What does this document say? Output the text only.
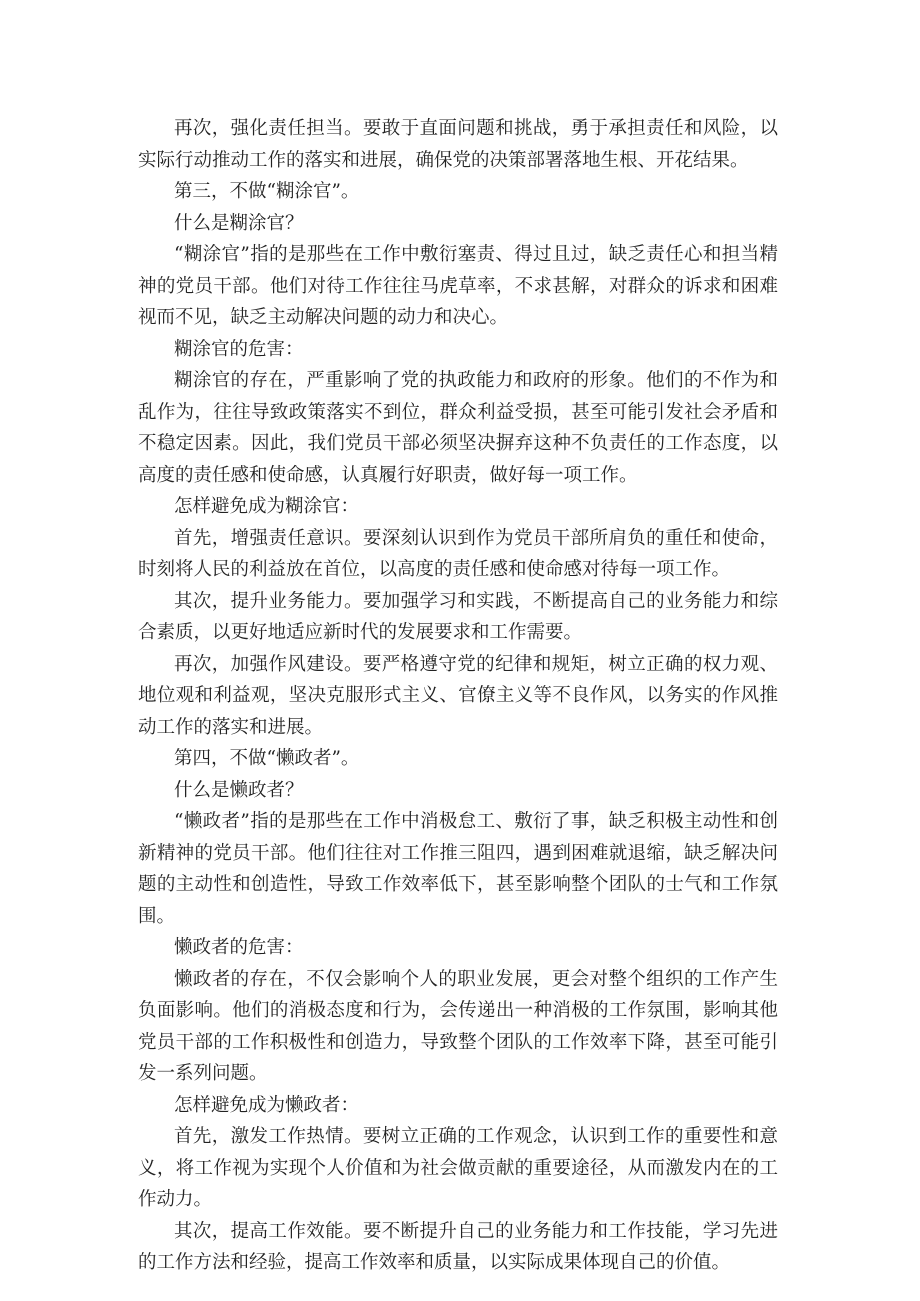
再次，强化责任担当。要敢于直面问题和挑战，勇于承担责任和风险，以实际行动推动工作的落实和进展，确保党的决策部署落地生根、开花结果。

第三，不做“糊涂官”。

什么是糊涂官？

“糊涂官”指的是那些在工作中敷衍塞责、得过且过，缺乏责任心和担当精神的党员干部。他们对待工作往往马虎草率，不求甚解，对群众的诉求和困难视而不见，缺乏主动解决问题的动力和决心。

糊涂官的危害：

糊涂官的存在，严重影响了党的执政能力和政府的形象。他们的不作为和乱作为，往往导致政策落实不到位，群众利益受损，甚至可能引发社会矛盾和不稳定因素。因此，我们党员干部必须坚决摒弃这种不负责任的工作态度，以高度的责任感和使命感，认真履行好职责，做好每一项工作。

怎样避免成为糊涂官：

首先，增强责任意识。要深刻认识到作为党员干部所肩负的重任和使命，时刻将人民的利益放在首位，以高度的责任感和使命感对待每一项工作。

其次，提升业务能力。要加强学习和实践，不断提高自己的业务能力和综合素质，以更好地适应新时代的发展要求和工作需要。

再次，加强作风建设。要严格遵守党的纪律和规矩，树立正确的权力观、地位观和利益观，坚决克服形式主义、官僚主义等不良作风，以务实的作风推动工作的落实和进展。

第四，不做“懒政者”。

什么是懒政者？

“懒政者”指的是那些在工作中消极怠工、敷衍了事，缺乏积极主动性和创新精神的党员干部。他们往往对工作推三阻四，遇到困难就退缩，缺乏解决问题的主动性和创造性，导致工作效率低下，甚至影响整个团队的士气和工作氛围。

懒政者的危害：

懒政者的存在，不仅会影响个人的职业发展，更会对整个组织的工作产生负面影响。他们的消极态度和行为，会传递出一种消极的工作氛围，影响其他党员干部的工作积极性和创造力，导致整个团队的工作效率下降，甚至可能引发一系列问题。

怎样避免成为懒政者：

首先，激发工作热情。要树立正确的工作观念，认识到工作的重要性和意义，将工作视为实现个人价值和为社会做贡献的重要途径，从而激发内在的工作动力。

其次，提高工作效能。要不断提升自己的业务能力和工作技能，学习先进的工作方法和经验，提高工作效率和质量，以实际成果体现自己的价值。
